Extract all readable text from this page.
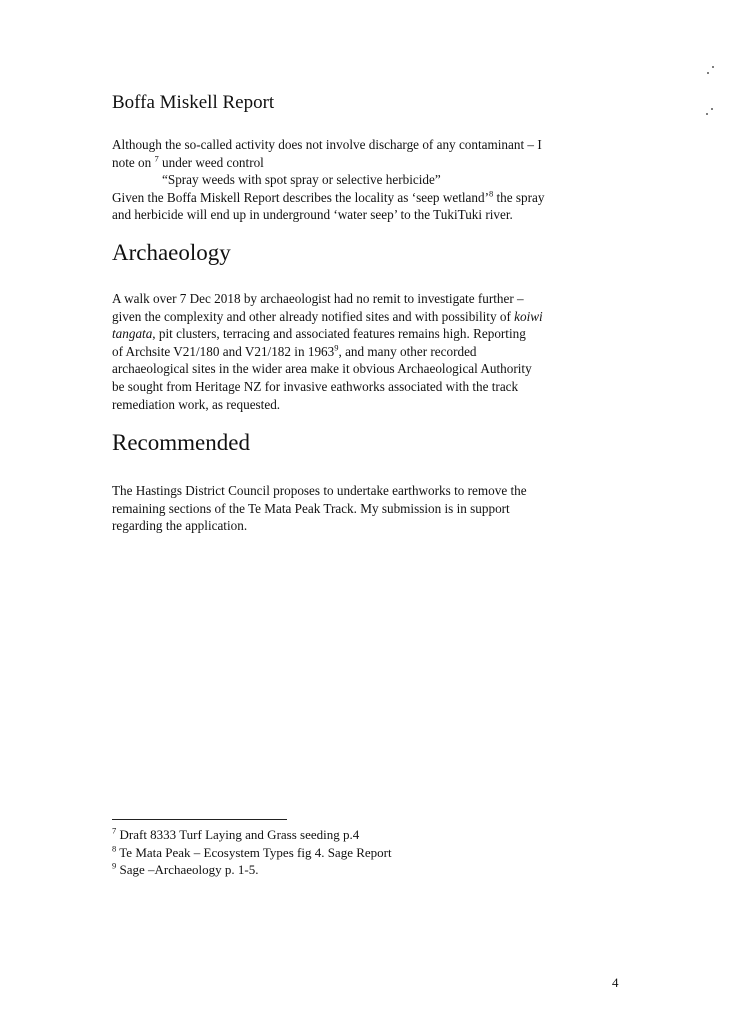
Boffa Miskell Report
Although the so-called activity does not involve discharge of any contaminant – I
note on $^7$ under weed control
“Spray weeds with spot spray or selective herbicide”
Given the Boffa Miskell Report describes the locality as ‘seep wetland’$^8$ the spray
and herbicide will end up in underground ‘water seep’ to the TukiTuki river.
Archaeology
A walk over 7 Dec 2018 by archaeologist had no remit to investigate further –
given the complexity and other already notified sites and with possibility of koiwi
tangata, pit clusters, terracing and associated features remains high. Reporting
of Archsite V21/180 and V21/182 in 1963$^9$, and many other recorded
archaeological sites in the wider area make it obvious Archaeological Authority
be sought from Heritage NZ for invasive eathworks associated with the track
remediation work, as requested.
Recommended
The Hastings District Council proposes to undertake earthworks to remove the
remaining sections of the Te Mata Peak Track. My submission is in support
regarding the application.
$^7$ Draft 8333 Turf Laying and Grass seeding p.4
$^8$ Te Mata Peak – Ecosystem Types fig 4. Sage Report
$^9$ Sage –Archaeology p. 1-5.
4
